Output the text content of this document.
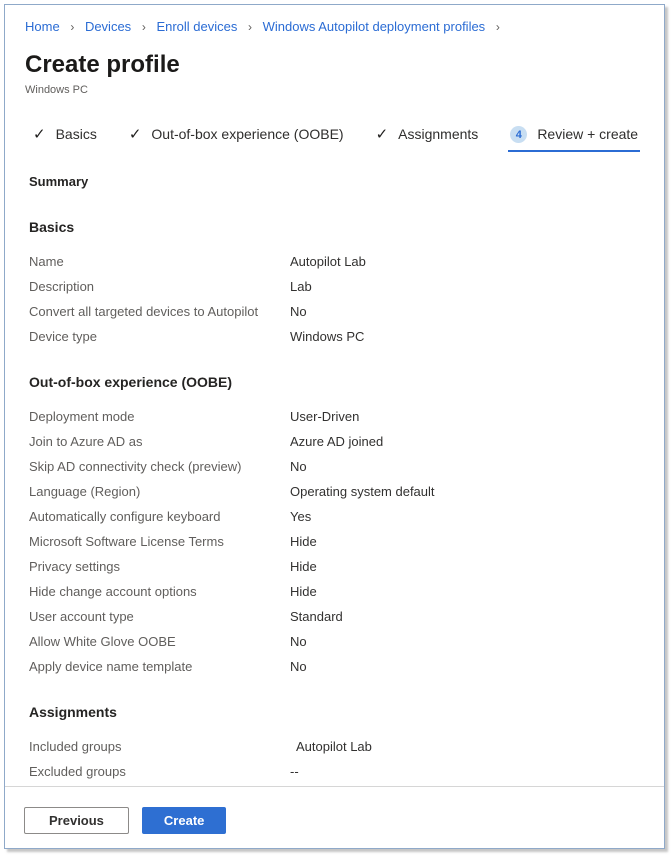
Home › Devices › Enroll devices › Windows Autopilot deployment profiles ›
Create profile
Windows PC
✓ Basics ✓ Out-of-box experience (OOBE) ✓ Assignments	4	Review + create
Summary
Basics
Name	Autopilot Lab
Description	Lab
Convert all targeted devices to Autopilot	No
Device type	Windows PC
Out-of-box experience (OOBE)
Deployment mode	User-Driven
Join to Azure AD as	Azure AD joined
Skip AD connectivity check (preview)	No
Language (Region)	Operating system default
Automatically configure keyboard	Yes
Microsoft Software License Terms	Hide
Privacy settings	Hide
Hide change account options	Hide
User account type	Standard
Allow White Glove OOBE	No
Apply device name template	No
Assignments
Included groups	Autopilot Lab
Excluded groups	--
Previous	Create
